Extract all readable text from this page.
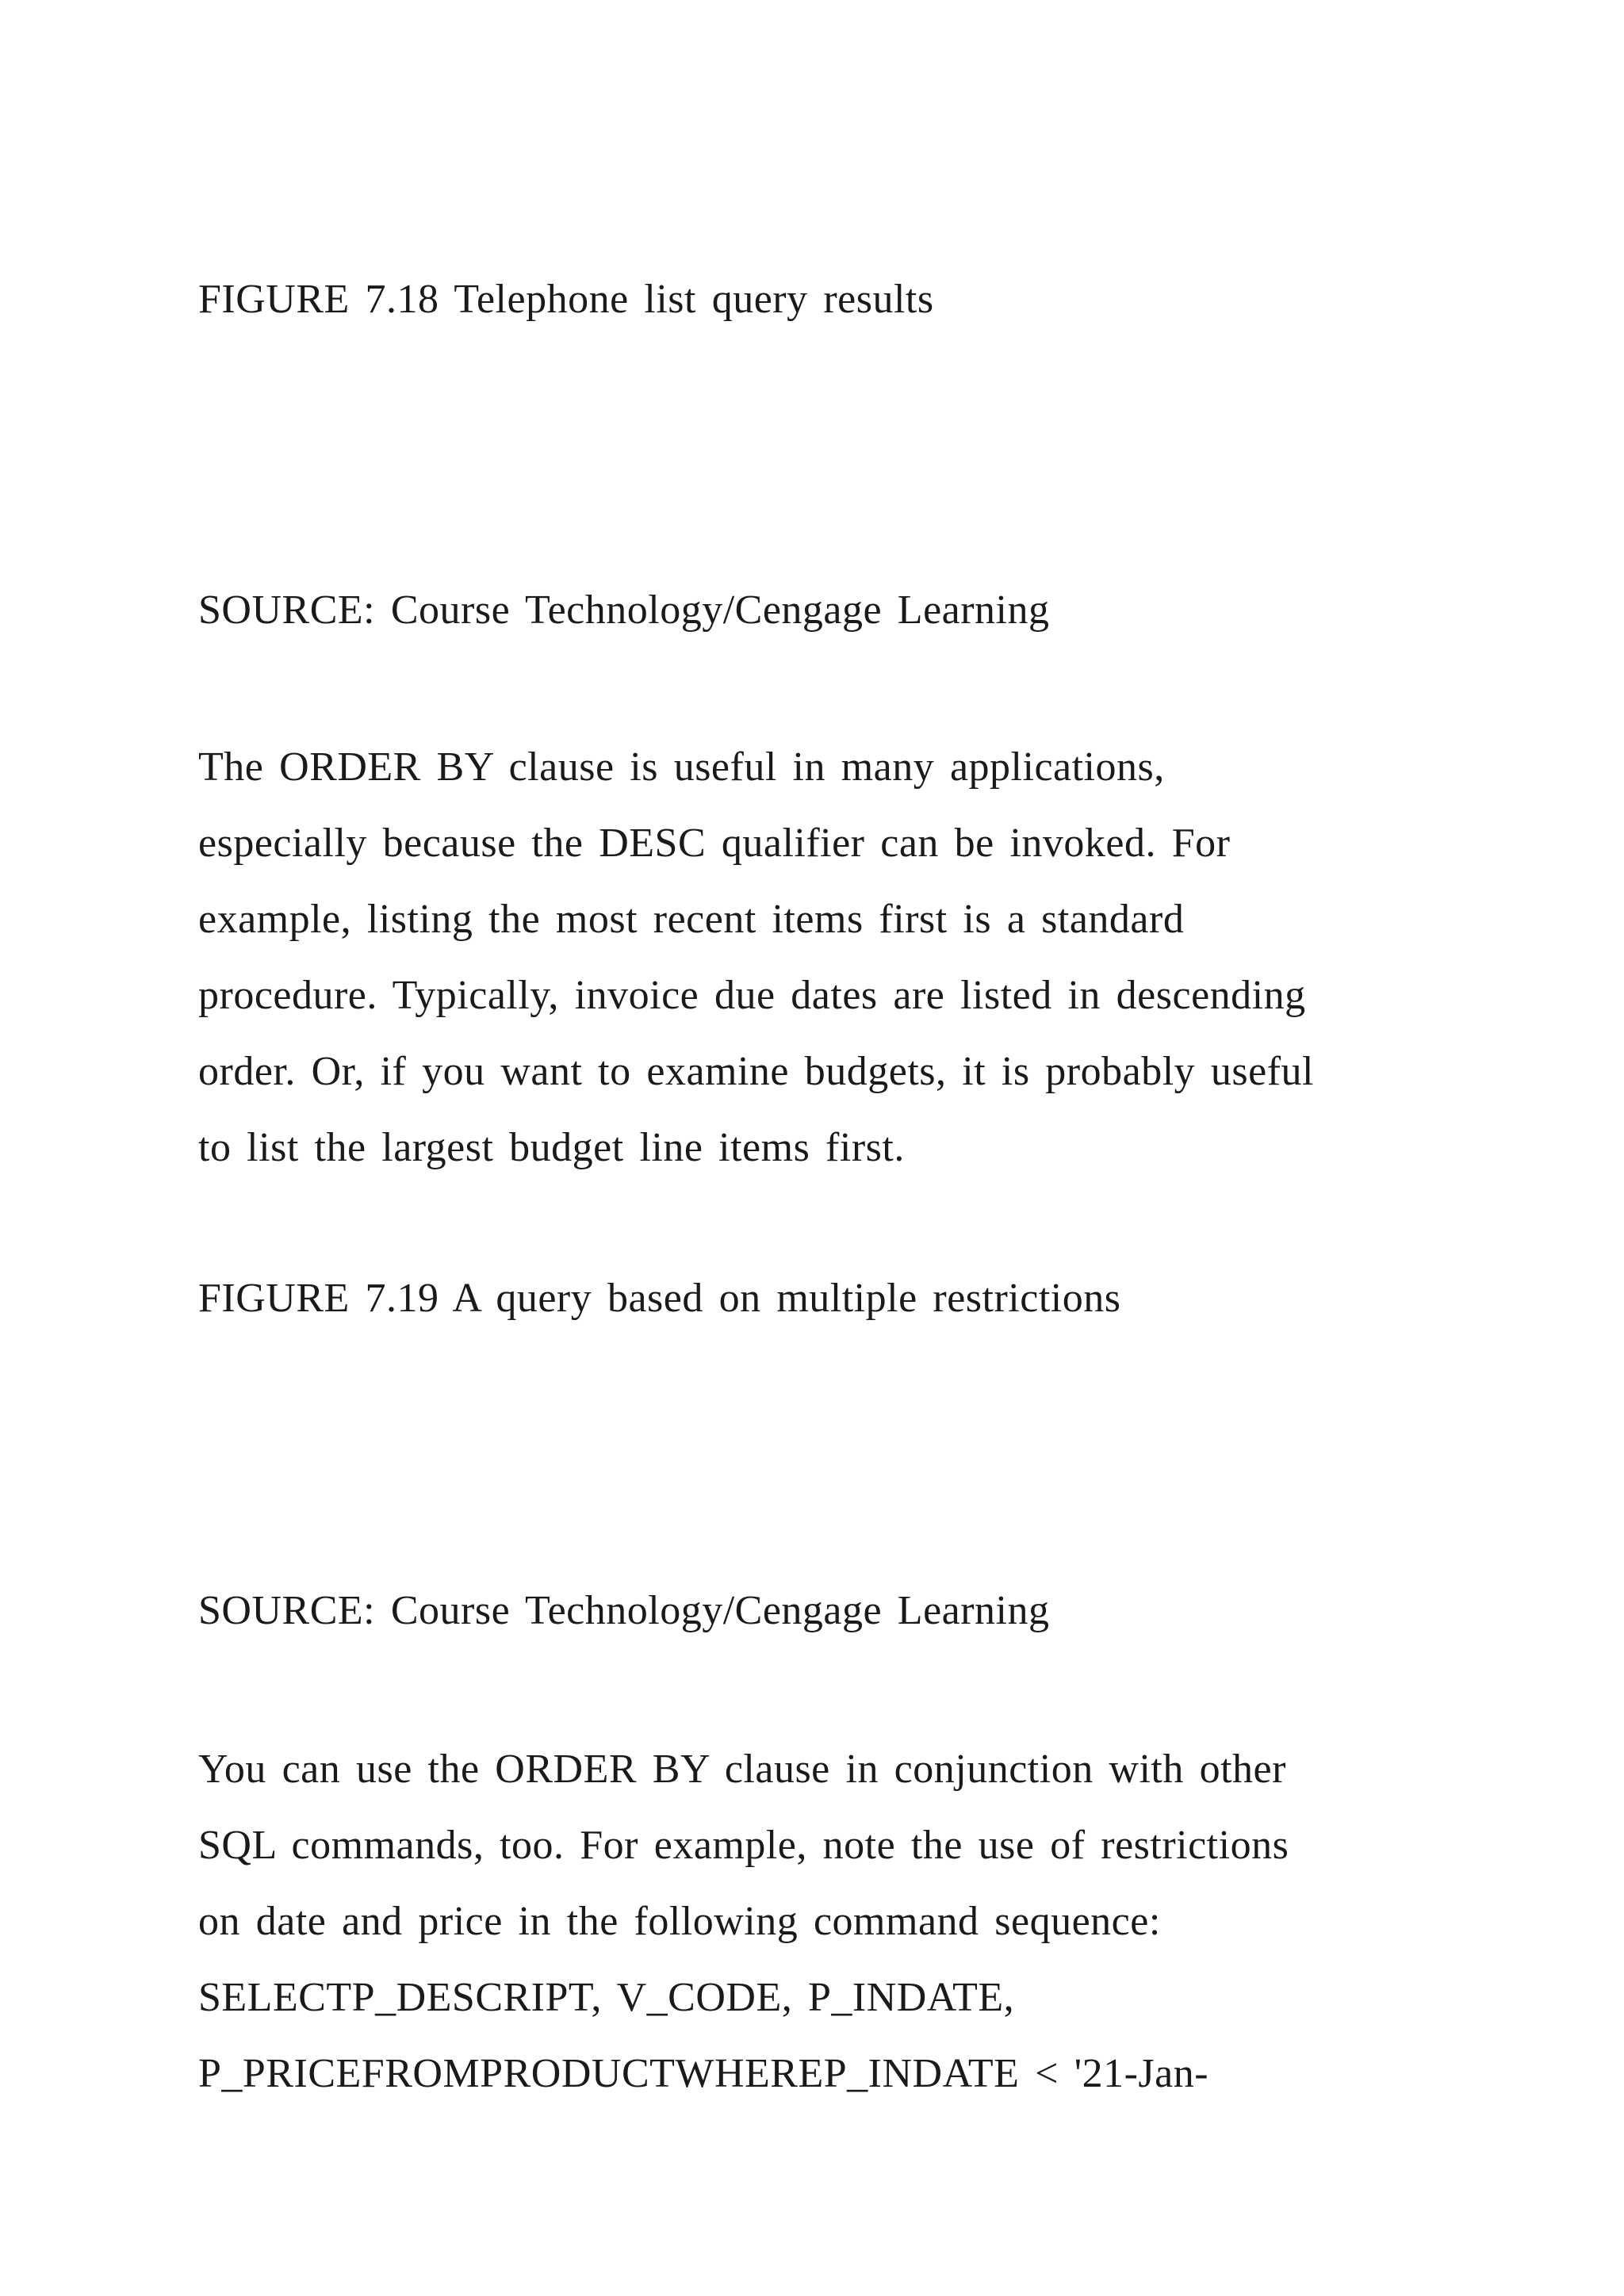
FIGURE 7.18 Telephone list query results

SOURCE: Course Technology/Cengage Learning

The ORDER BY clause is useful in many applications,
especially because the DESC qualifier can be invoked. For
example, listing the most recent items first is a standard
procedure. Typically, invoice due dates are listed in descending
order. Or, if you want to examine budgets, it is probably useful
to list the largest budget line items first.

FIGURE 7.19 A query based on multiple restrictions

SOURCE: Course Technology/Cengage Learning

You can use the ORDER BY clause in conjunction with other
SQL commands, too. For example, note the use of restrictions
on date and price in the following command sequence:
SELECTP_DESCRIPT, V_CODE, P_INDATE,
P_PRICEFROMPRODUCTWHEREP_INDATE < '21-Jan-
